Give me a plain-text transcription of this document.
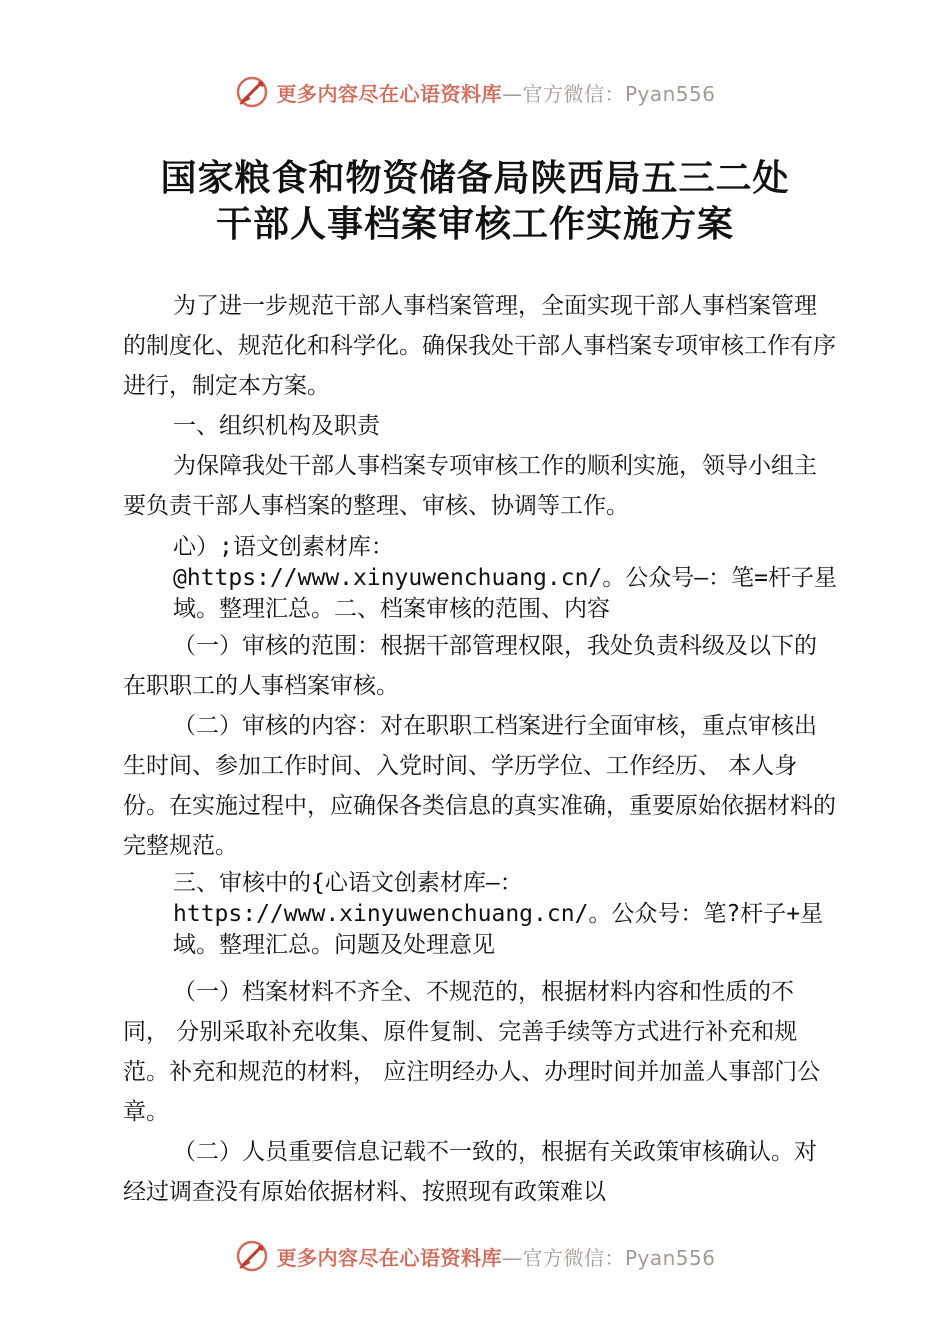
更多内容尽在心语资料库—官方微信：Pyan556
国家粮食和物资储备局陕西局五三二处
干部人事档案审核工作实施方案

为了进一步规范干部人事档案管理，全面实现干部人事档案管理的制度化、规范化和科学化。确保我处干部人事档案专项审核工作有序进行，制定本方案。

一、组织机构及职责

为保障我处干部人事档案专项审核工作的顺利实施，领导小组主要负责干部人事档案的整理、审核、协调等工作。

心）;语文创素材库：@https://www.xinyuwenchuang.cn/。公众号—：笔=杆子星域。整理汇总。二、档案审核的范围、内容

（一）审核的范围：根据干部管理权限，我处负责科级及以下的在职职工的人事档案审核。

（二）审核的内容：对在职职工档案进行全面审核，重点审核出生时间、参加工作时间、入党时间、学历学位、工作经历、 本人身份。在实施过程中，应确保各类信息的真实准确，重要原始依据材料的完整规范。

三、审核中的{心语文创素材库—：https://www.xinyuwenchuang.cn/。公众号：笔?杆子+星域。整理汇总。问题及处理意见

（一）档案材料不齐全、不规范的，根据材料内容和性质的不同， 分别采取补充收集、原件复制、完善手续等方式进行补充和规范。补充和规范的材料， 应注明经办人、办理时间并加盖人事部门公章。

（二）人员重要信息记载不一致的，根据有关政策审核确认。对经过调查没有原始依据材料、按照现有政策难以

更多内容尽在心语资料库—官方微信：Pyan556
